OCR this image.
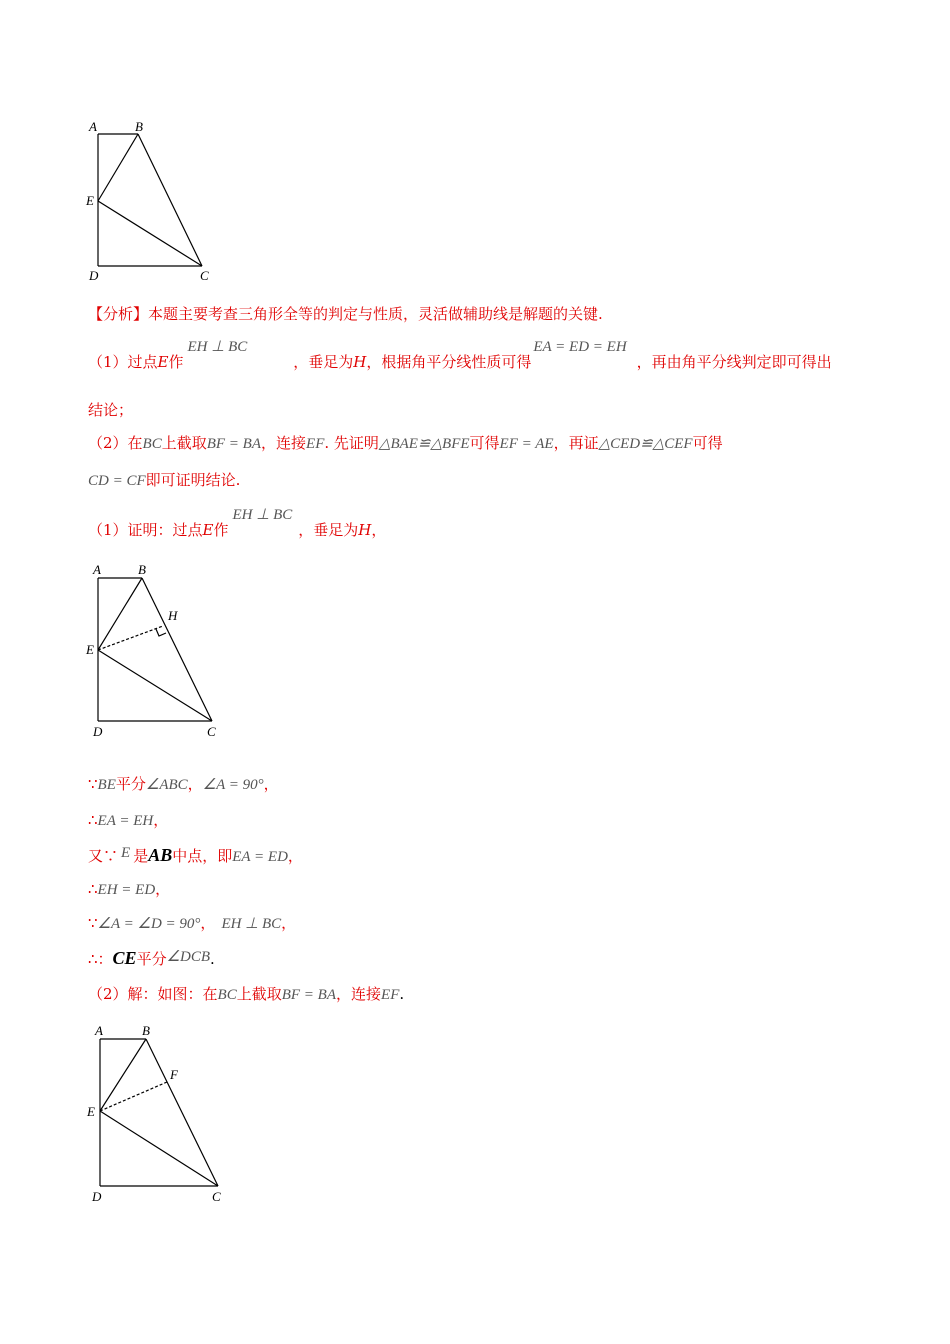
A	B
E
D	C
【分析】本题主要考查三角形全等的判定与性质，灵活做辅助线是解题的关键.
（1）过点E作EH ⊥ BC，垂足为H，根据角平分线性质可得EA = ED = EH，再由角平分线判定即可得出
结论；
（2）在BC上截取BF = BA，连接EF. 先证明△BAE≌△BFE可得EF = AE，再证△CED≌△CEF可得
CD = CF即可证明结论.
（1）证明：过点E作EH ⊥ BC，垂足为H，
A	B
H
E
D	C
∵BE平分∠ABC，∠A = 90°，
∴EA = EH，
又∵ E 是AB中点，即EA = ED，
∴EH = ED，
∵∠A = ∠D = 90°， EH ⊥ BC，
∴：CE平分∠DCB.
（2）解：如图：在BC上截取BF = BA，连接EF.
A	B
F
E
D	C
